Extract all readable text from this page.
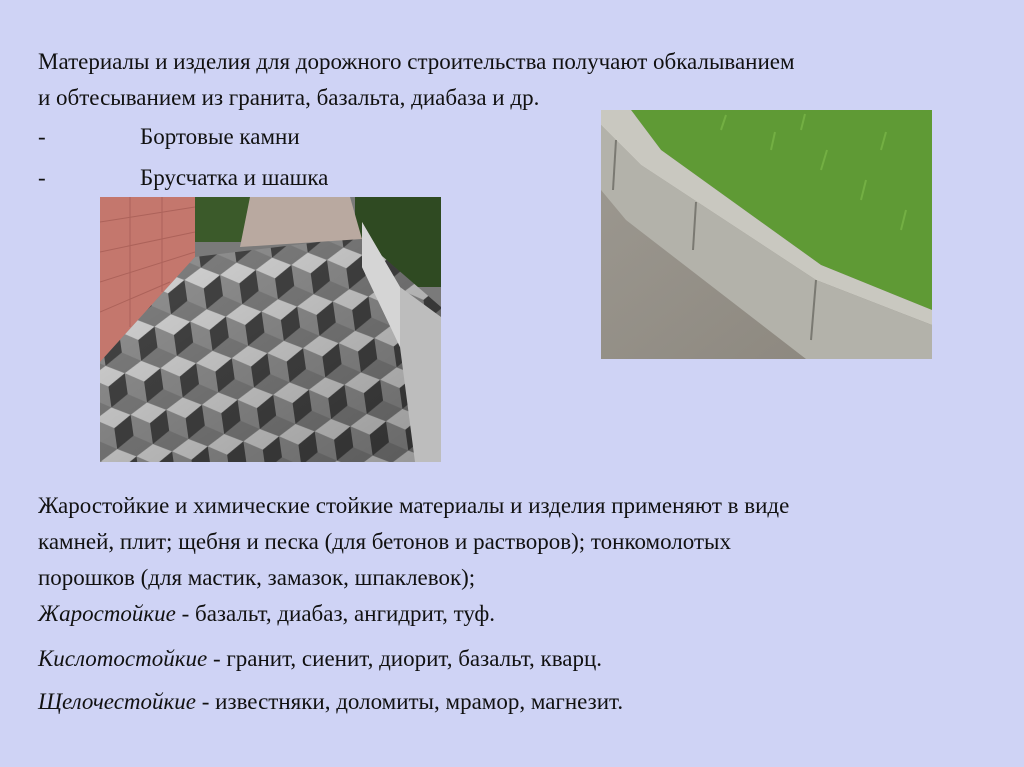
Материалы и изделия для дорожного строительства получают обкалыванием
и обтесыванием из гранита, базальта, диабаза и др.
-	Бортовые камни
-	Брусчатка и шашка
Жаростойкие и химические стойкие материалы и изделия применяют в виде
камней, плит; щебня и песка (для бетонов и растворов); тонкомолотых
порошков (для мастик, замазок, шпаклевок);
Жаростойкие - базальт, диабаз, ангидрит, туф.
Кислотостойкие - гранит, сиенит, диорит, базальт, кварц.
Щелочестойкие - известняки, доломиты, мрамор, магнезит.
